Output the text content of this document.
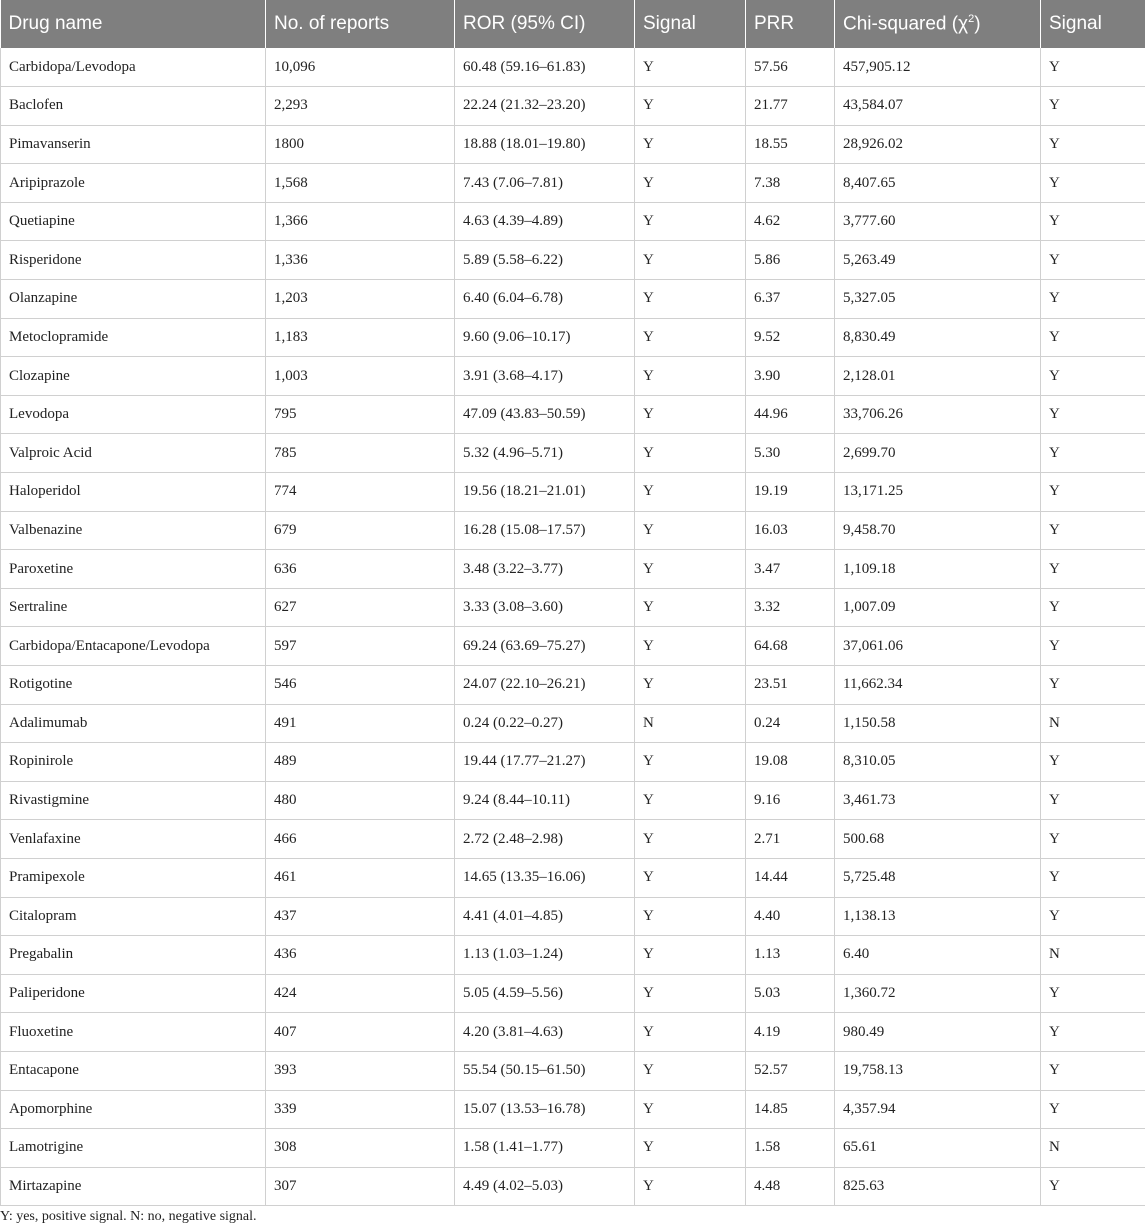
Drug name	No. of reports	ROR (95% CI)	Signal	PRR	Chi-squared $(\chi^2)$	Signal
Carbidopa/Levodopa	10,096	60.48 (59.16–61.83)	Y	57.56	457,905.12	Y
Baclofen	2,293	22.24 (21.32–23.20)	Y	21.77	43,584.07	Y
Pimavanserin	1800	18.88 (18.01–19.80)	Y	18.55	28,926.02	Y
Aripiprazole	1,568	7.43 (7.06–7.81)	Y	7.38	8,407.65	Y
Quetiapine	1,366	4.63 (4.39–4.89)	Y	4.62	3,777.60	Y
Risperidone	1,336	5.89 (5.58–6.22)	Y	5.86	5,263.49	Y
Olanzapine	1,203	6.40 (6.04–6.78)	Y	6.37	5,327.05	Y
Metoclopramide	1,183	9.60 (9.06–10.17)	Y	9.52	8,830.49	Y
Clozapine	1,003	3.91 (3.68–4.17)	Y	3.90	2,128.01	Y
Levodopa	795	47.09 (43.83–50.59)	Y	44.96	33,706.26	Y
Valproic Acid	785	5.32 (4.96–5.71)	Y	5.30	2,699.70	Y
Haloperidol	774	19.56 (18.21–21.01)	Y	19.19	13,171.25	Y
Valbenazine	679	16.28 (15.08–17.57)	Y	16.03	9,458.70	Y
Paroxetine	636	3.48 (3.22–3.77)	Y	3.47	1,109.18	Y
Sertraline	627	3.33 (3.08–3.60)	Y	3.32	1,007.09	Y
Carbidopa/Entacapone/Levodopa	597	69.24 (63.69–75.27)	Y	64.68	37,061.06	Y
Rotigotine	546	24.07 (22.10–26.21)	Y	23.51	11,662.34	Y
Adalimumab	491	0.24 (0.22–0.27)	N	0.24	1,150.58	N
Ropinirole	489	19.44 (17.77–21.27)	Y	19.08	8,310.05	Y
Rivastigmine	480	9.24 (8.44–10.11)	Y	9.16	3,461.73	Y
Venlafaxine	466	2.72 (2.48–2.98)	Y	2.71	500.68	Y
Pramipexole	461	14.65 (13.35–16.06)	Y	14.44	5,725.48	Y
Citalopram	437	4.41 (4.01–4.85)	Y	4.40	1,138.13	Y
Pregabalin	436	1.13 (1.03–1.24)	Y	1.13	6.40	N
Paliperidone	424	5.05 (4.59–5.56)	Y	5.03	1,360.72	Y
Fluoxetine	407	4.20 (3.81–4.63)	Y	4.19	980.49	Y
Entacapone	393	55.54 (50.15–61.50)	Y	52.57	19,758.13	Y
Apomorphine	339	15.07 (13.53–16.78)	Y	14.85	4,357.94	Y
Lamotrigine	308	1.58 (1.41–1.77)	Y	1.58	65.61	N
Mirtazapine	307	4.49 (4.02–5.03)	Y	4.48	825.63	Y
Y: yes, positive signal. N: no, negative signal.
